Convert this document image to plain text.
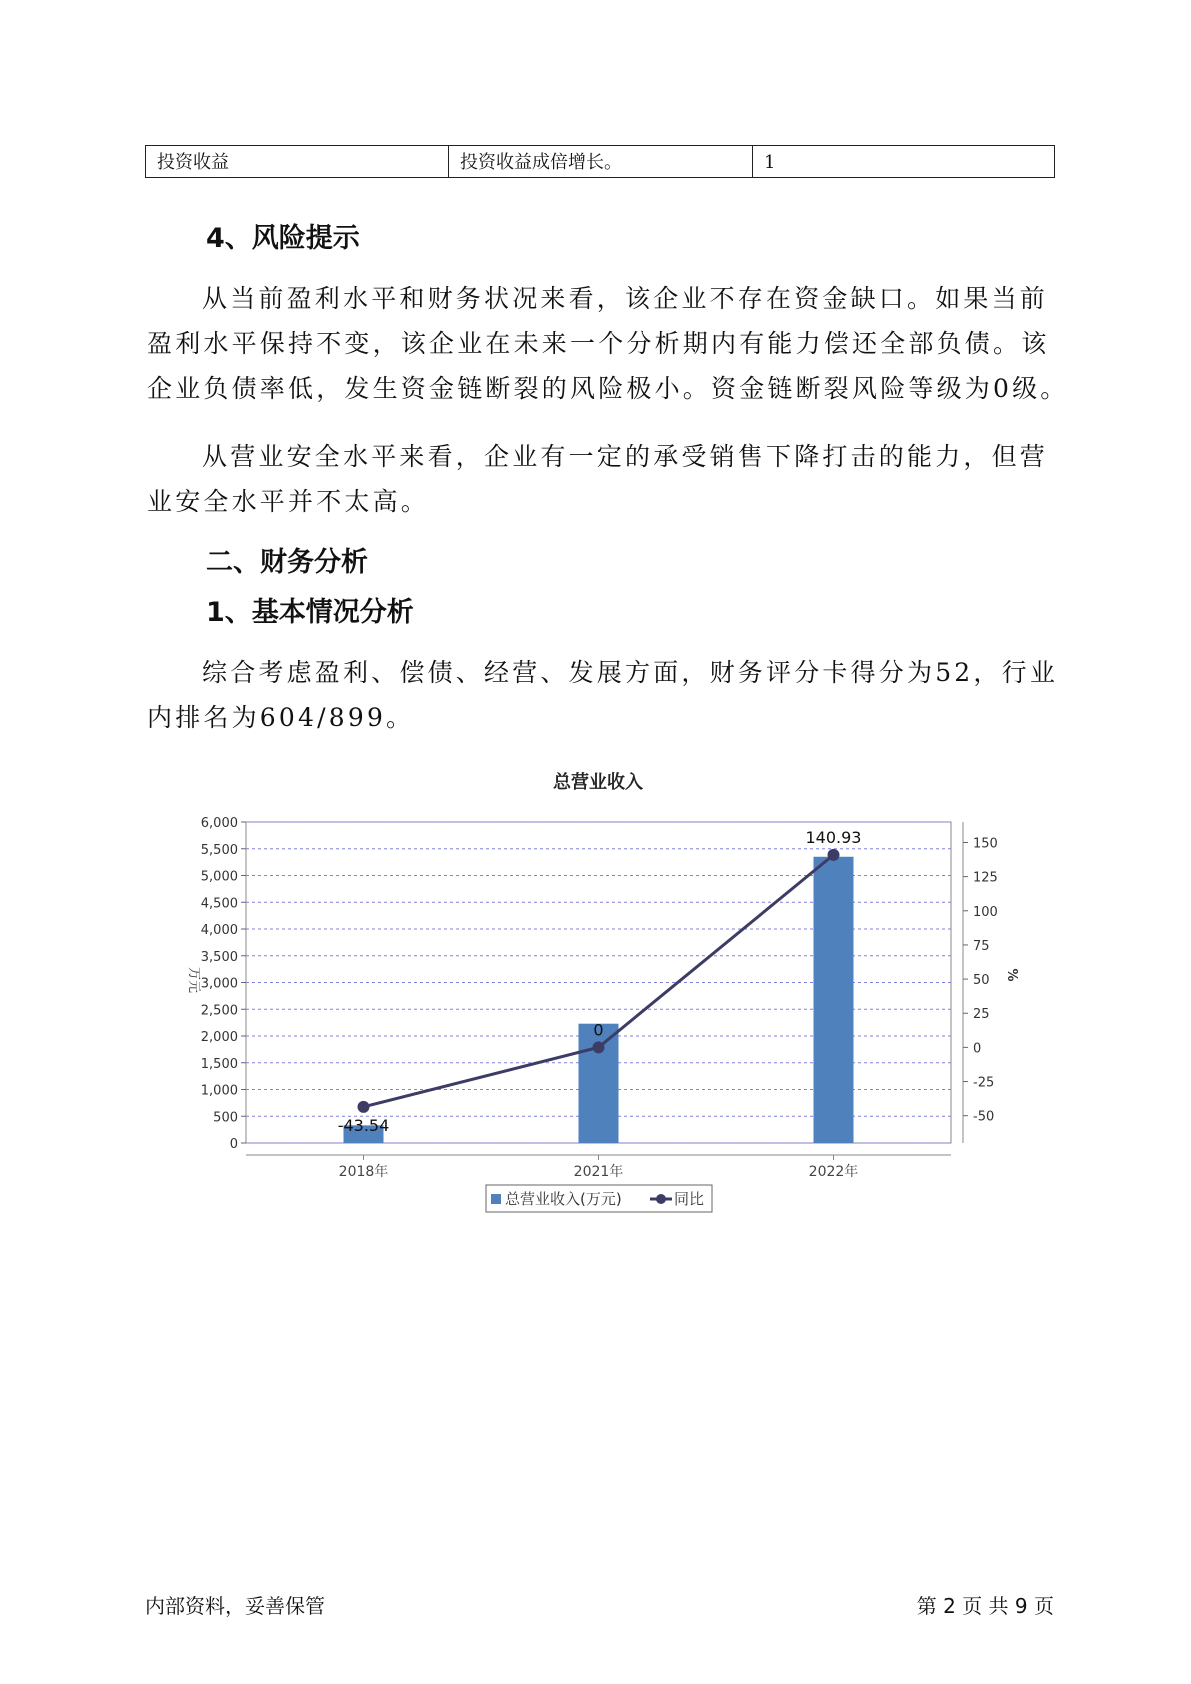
投资收益	投资收益成倍增长。	1
4、风险提示
从当前盈利水平和财务状况来看，该企业不存在资金缺口。如果当前
盈利水平保持不变，该企业在未来一个分析期内有能力偿还全部负债。该
企业负债率低，发生资金链断裂的风险极小。资金链断裂风险等级为0级。
从营业安全水平来看，企业有一定的承受销售下降打击的能力，但营
业安全水平并不太高。
二、财务分析
1、基本情况分析
综合考虑盈利、偿债、经营、发展方面，财务评分卡得分为52，行业
内排名为604/899。
总营业收入
0
500
1,000
1,500
2,000
2,500
3,000
3,500
4,000
4,500
5,000
5,500
6,000
-50
-25
0
25
50
75
100
125
150
万元	%
2018年	2021年	2022年
-43.54
0
140.93
总营业收入(万元)	同比
内部资料，妥善保管	第 2 页 共 9 页
